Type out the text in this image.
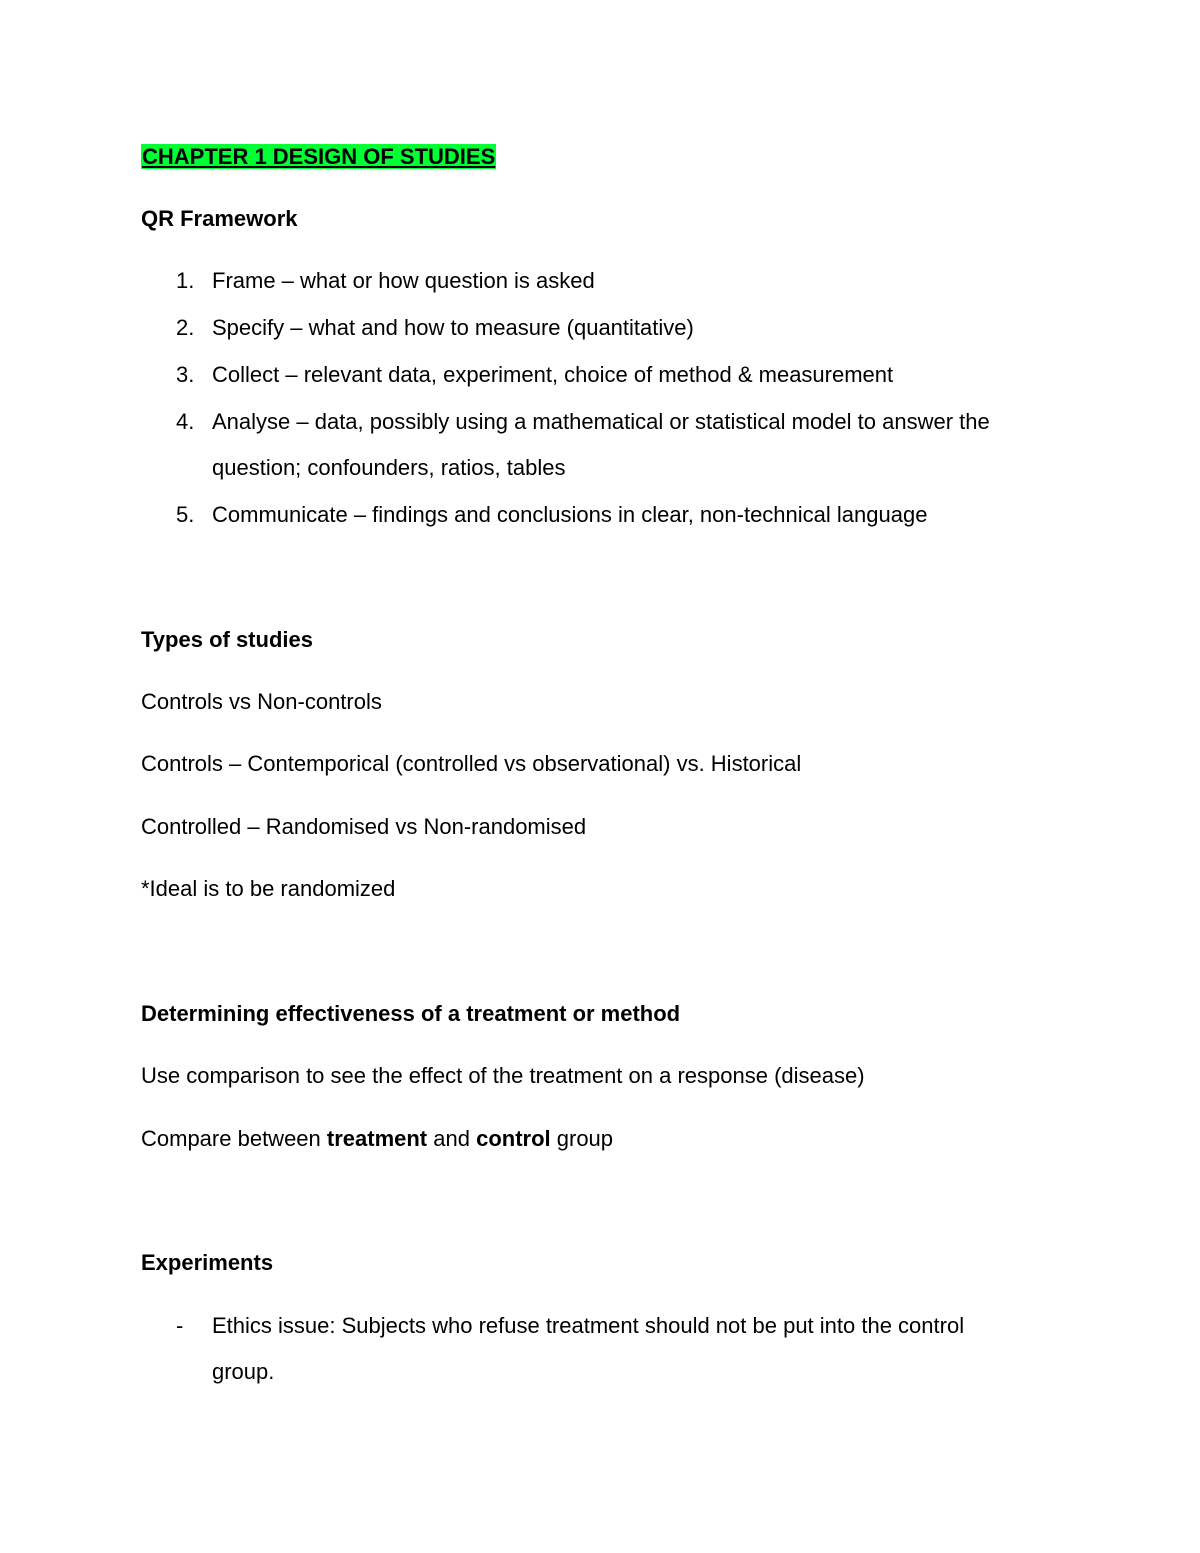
CHAPTER 1 DESIGN OF STUDIES
QR Framework
1. Frame – what or how question is asked
2. Specify – what and how to measure (quantitative)
3. Collect – relevant data, experiment, choice of method & measurement
4. Analyse – data, possibly using a mathematical or statistical model to answer the
question; confounders, ratios, tables
5. Communicate – findings and conclusions in clear, non-technical language
Types of studies
Controls vs Non-controls
Controls – Contemporical (controlled vs observational) vs. Historical
Controlled – Randomised vs Non-randomised
*Ideal is to be randomized
Determining effectiveness of a treatment or method
Use comparison to see the effect of the treatment on a response (disease)
Compare between treatment and control group
Experiments
- Ethics issue: Subjects who refuse treatment should not be put into the control
group.
